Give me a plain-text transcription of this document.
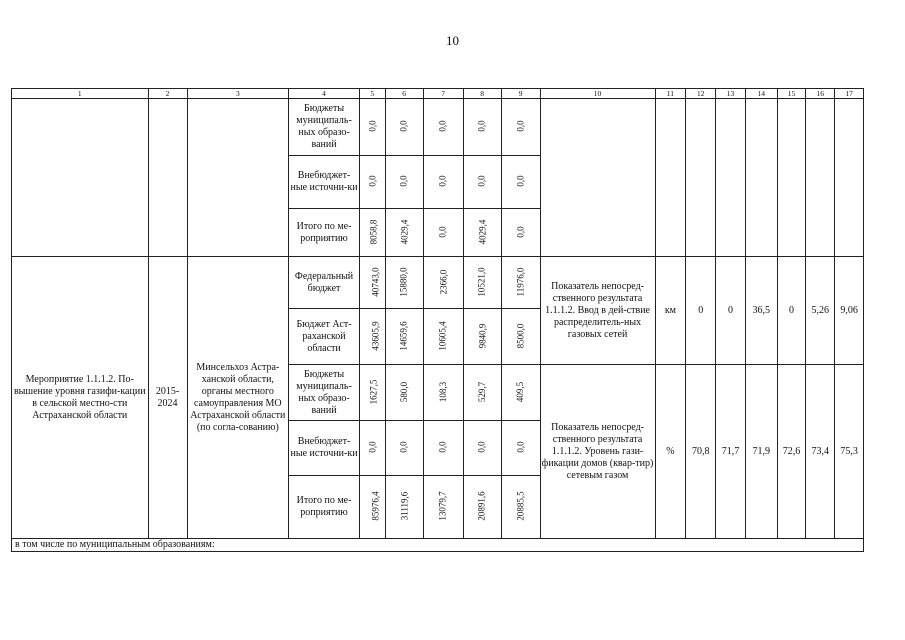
10
1	2	3	4	5	6	7	8	9	10	11	12	13	14	15	16	17
			Бюджеты муниципаль-ных образо-ваний	0,0	0,0	0,0	0,0	0,0								
			Внебюджет-ные источни-ки	0,0	0,0	0,0	0,0	0,0								
			Итого по ме-роприятию	8058,8	4029,4	0,0	4029,4	0,0								
Мероприятие 1.1.1.2. По-вышение уровня газифи-кации в сельской местно-сти Астраханской области	2015-2024	Минсельхоз Астра-ханской области, органы местного самоуправления МО Астраханской области (по согла-сованию)	Федеральный бюджет	40743,0	15880,0	2366,0	10521,0	11976,0	Показатель непосред-ственного результата 1.1.1.2. Ввод в дей-ствие распределитель-ных газовых сетей	км	0	0	36,5	0	5,26	9,06
			Бюджет Аст-раханской области	43605,9	14659,6	10605,4	9840,9	8500,0								
			Бюджеты муниципаль-ных образо-ваний	1627,5	580,0	108,3	529,7	409,5	Показатель непосред-ственного результата 1.1.1.2. Уровень гази-фикации домов (квар-тир) сетевым газом	%	70,8	71,7	71,9	72,6	73,4	75,3
			Внебюджет-ные источни-ки	0,0	0,0	0,0	0,0	0,0								
			Итого по ме-роприятию	85976,4	31119,6	13079,7	20891,6	20885,5								
в том числе по муниципальным образованиям:																
